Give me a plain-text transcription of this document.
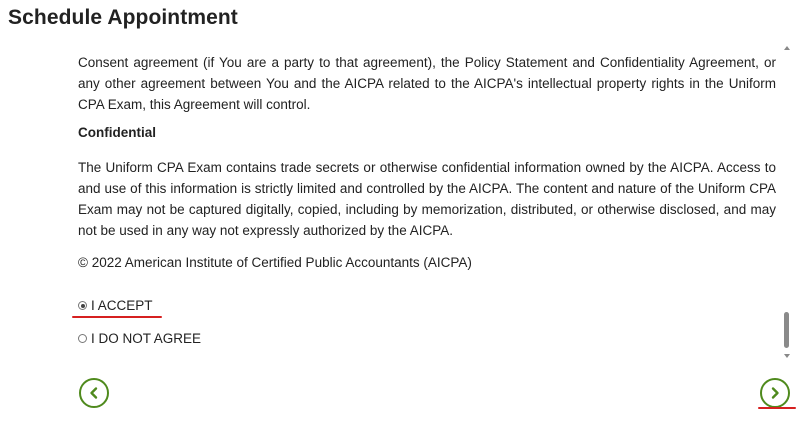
Schedule Appointment

Consent agreement (if You are a party to that agreement), the Policy Statement and Confidentiality Agreement, or any other agreement between You and the AICPA related to the AICPA's intellectual property rights in the Uniform CPA Exam, this Agreement will control.

Confidential

The Uniform CPA Exam contains trade secrets or otherwise confidential information owned by the AICPA. Access to and use of this information is strictly limited and controlled by the AICPA. The content and nature of the Uniform CPA Exam may not be captured digitally, copied, including by memorization, distributed, or otherwise disclosed, and may not be used in any way not expressly authorized by the AICPA.

© 2022 American Institute of Certified Public Accountants (AICPA)

I ACCEPT
I DO NOT AGREE
